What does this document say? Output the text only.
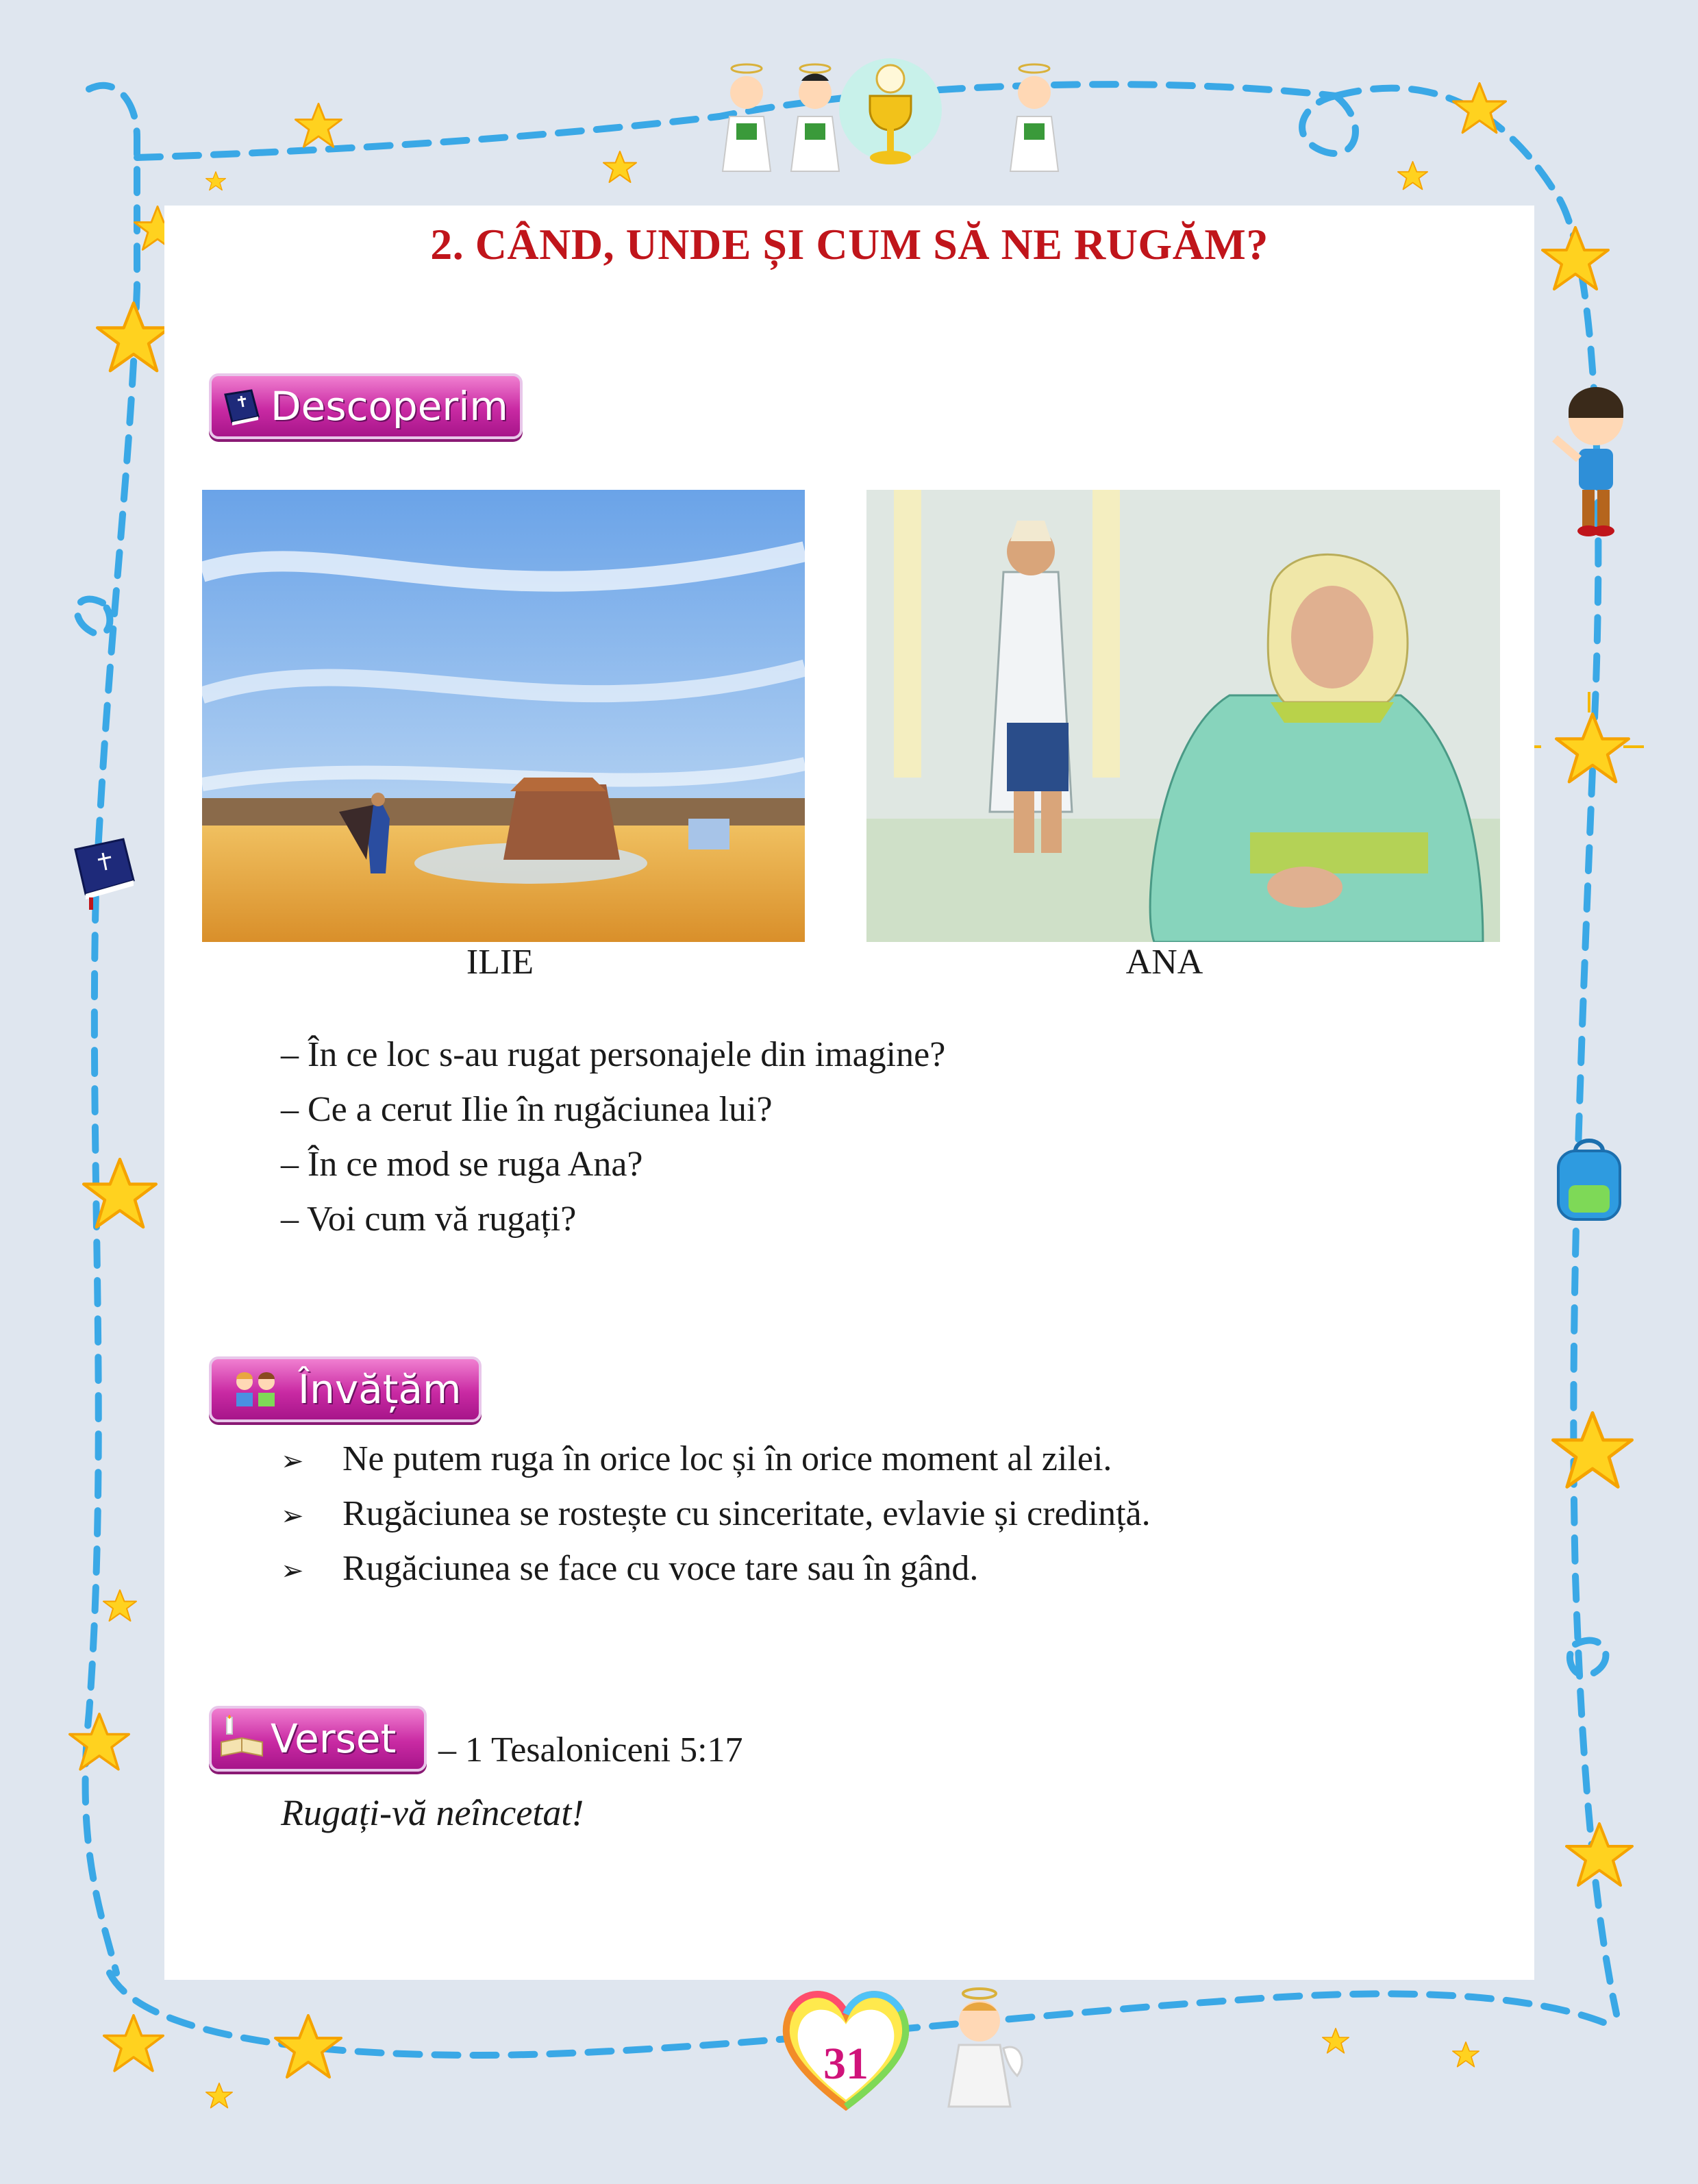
31
2. CÂND, UNDE ȘI CUM SĂ NE RUGĂM?
Descoperim
ILIE	ANA
– În ce loc s-au rugat personajele din imagine?
– Ce a cerut Ilie în rugăciunea lui?
– În ce mod se ruga Ana?
– Voi cum vă rugați?
Învățăm
➢ Ne putem ruga în orice loc și în orice moment al zilei.
➢ Rugăciunea se rostește cu sinceritate, evlavie și credință.
➢ Rugăciunea se face cu voce tare sau în gând.
Verset – 1 Tesaloniceni 5:17
Rugați-vă neîncetat!
